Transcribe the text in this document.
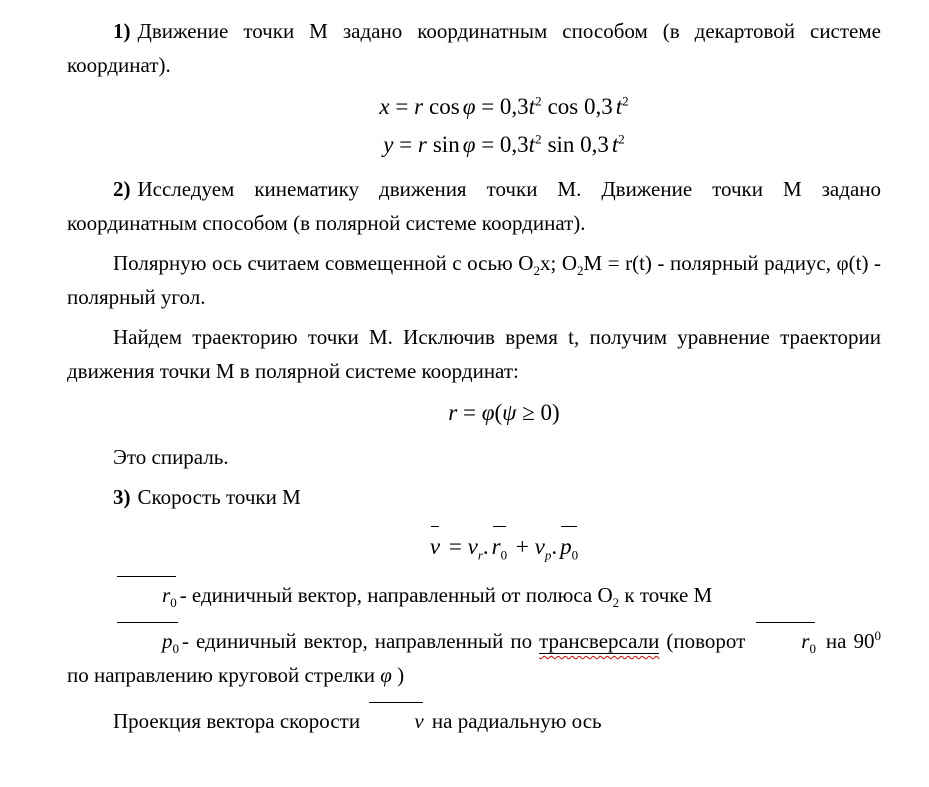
1) Движение точки М задано координатным способом (в декартовой системе координат).

x = r $\cos \varphi = 0,3t^2$ cos 0,3 $t^2$
y = r $\sin \varphi = 0,3t^2$ sin 0,3 $t^2$

2) Исследуем кинематику движения точки М. Движение точки М задано координатным способом (в полярной системе координат).

Полярную ось считаем совмещенной с осью $O_2x$; $O_2M = r(t)$ - полярный радиус, φ(t) - полярный угол.

Найдем траекторию точки М. Исключив время t, получим уравнение траектории движения точки М в полярной системе координат:

r = φ(ψ ≥ 0)

Это спираль.

3) Скорость точки М

$v = v_r$. $r_0 + v_p$. $p_0$

$r_0$ - единичный вектор, направленный от полюса $O_2$ к точке М

$p_0$ - единичный вектор, направленный по трансверсали (поворот $r_0$ на $90^0$ по направлению круговой стрелки φ )

Проекция вектора скорости v на радиальную ось
